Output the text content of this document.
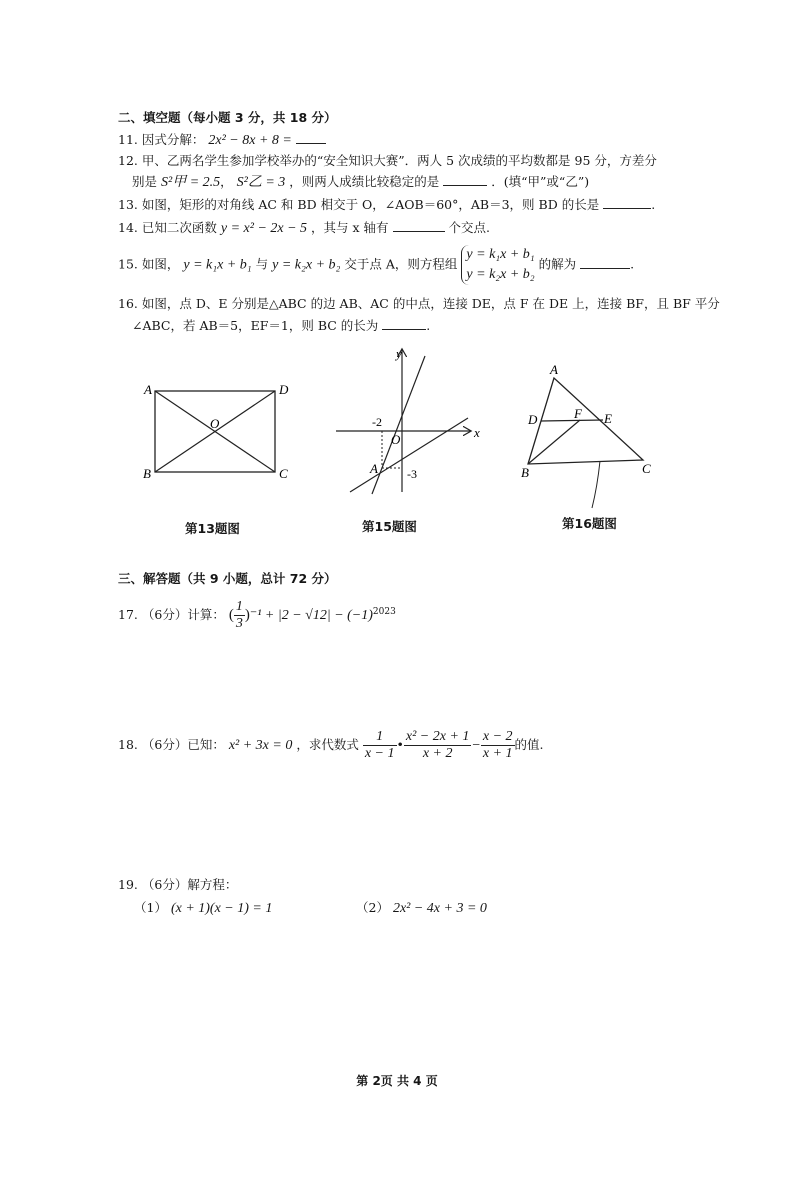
二、填空题（每小题 3 分，共 18 分）
11. 因式分解： 2x² − 8x + 8 =
12. 甲、乙两名学生参加学校举办的“安全知识大赛”．两人 5 次成绩的平均数都是 95 分，方差分
别是 S²甲 = 2.5， S²乙 = 3 ，则两人成绩比较稳定的是	．(填“甲”或“乙”)
13. 如图，矩形的对角线 AC 和 BD 相交于 O，∠AOB＝60°，AB＝3，则 BD 的长是	.
14. 已知二次函数 y = x² − 2x − 5 ，其与 x 轴有	个交点.
15. 如图， y = k₁x + b₁ 与 y = k₂x + b₂ 交于点 A，则方程组
y = k₁x + b₁
y = k₂x + b₂
的解为	.
16. 如图，点 D、E 分别是△ABC 的边 AB、AC 的中点，连接 DE，点 F 在 DE 上，连接 BF，且 BF 平分
∠ABC，若 AB＝5，EF＝1，则 BC 的长为	.
A	D
B	C
O
第13题图
y
x
O
A
-2
-3
第15题图
A
D	F E
B	C
第16题图
三、解答题（共 9 小题，总计 72 分）
17. （6分）计算： ( $\frac{1}{3} )^{-1} + |2 - √12| - (-1)^{2023}$
18. （6分）已知： x² + 3x = 0 ，求代数式 $\frac{1}{x - 1}$ • $\frac{\text{x² − 2x + 1}}{x + 2} - \frac{x - 2}{x + 1}$ 的值.
19. （6分）解方程：
（1） (x + 1)(x − 1) = 1	（2） 2x² − 4x + 3 = 0
第 2页 共 4 页
